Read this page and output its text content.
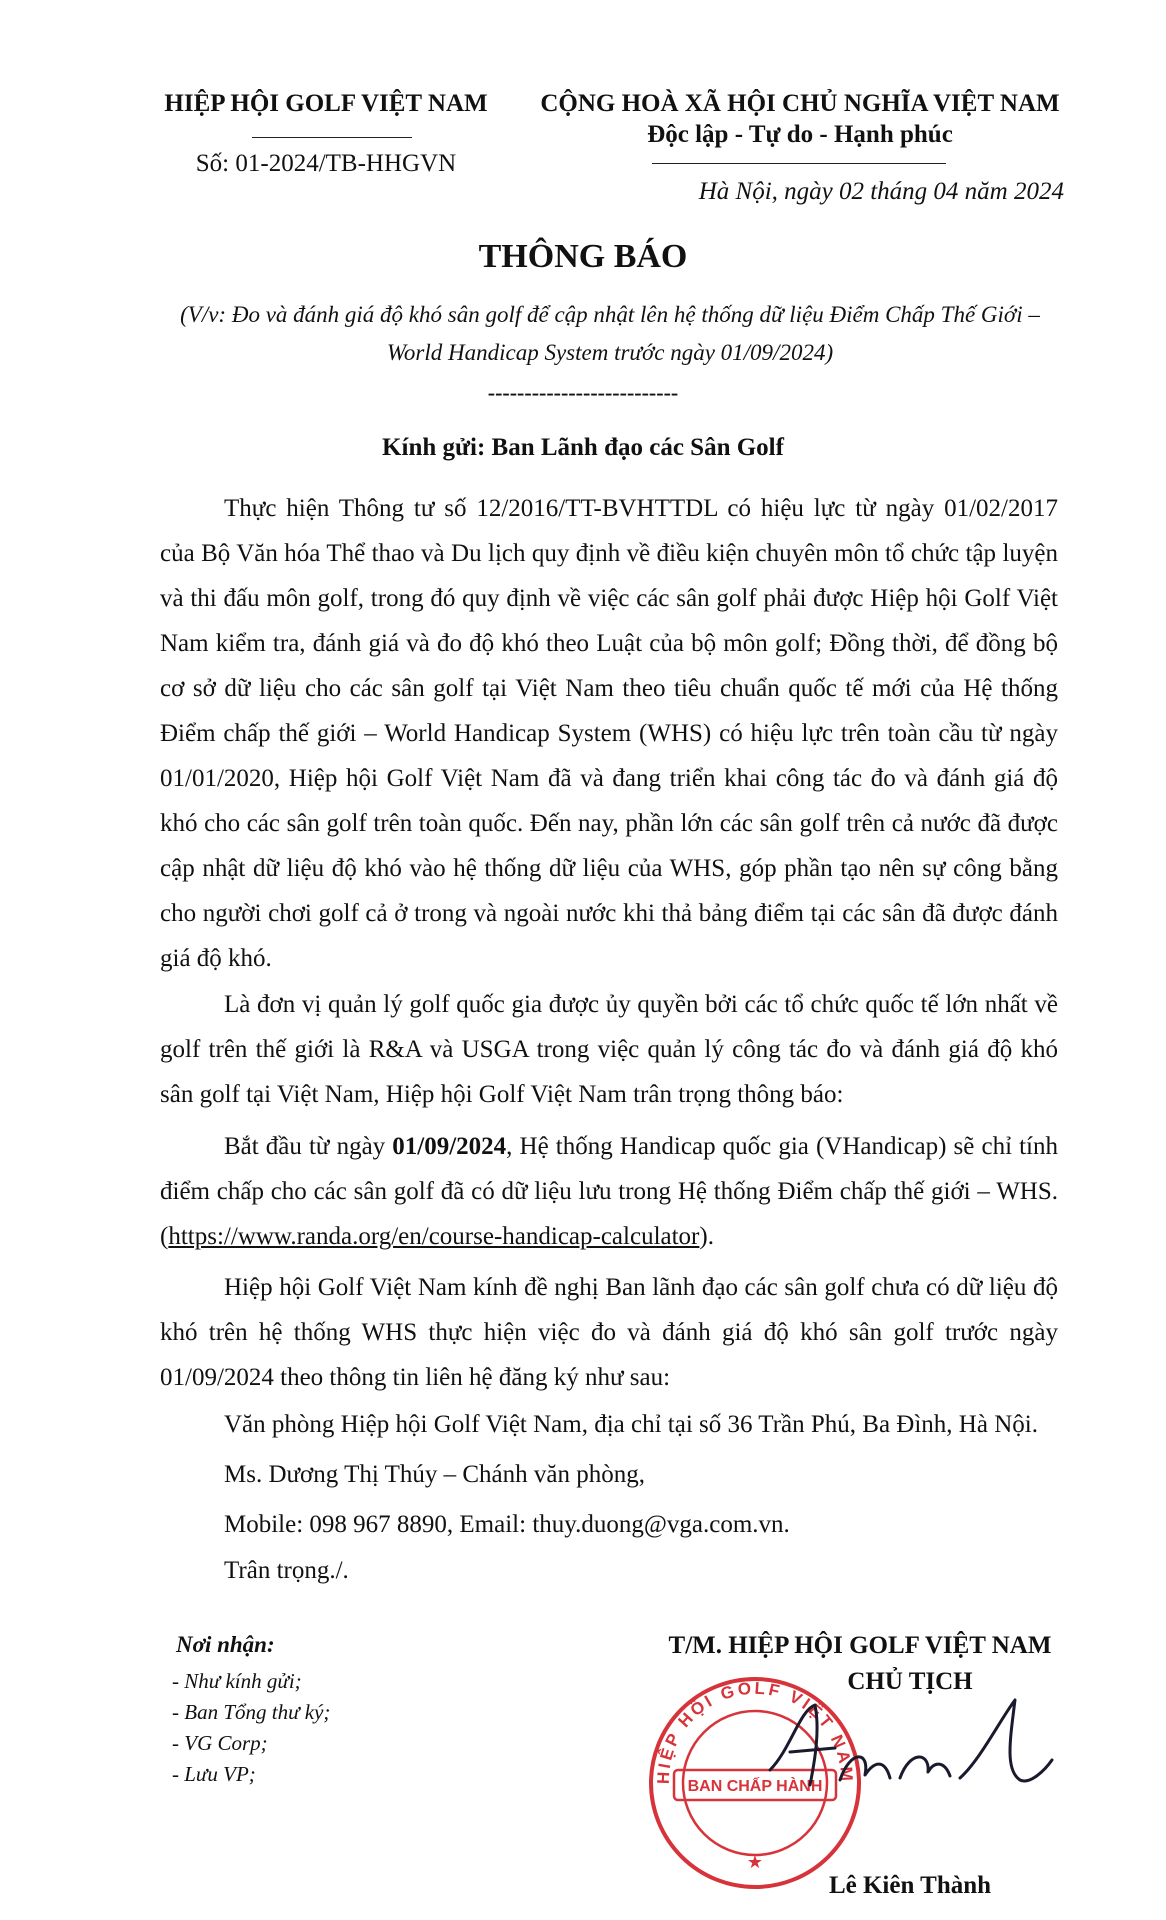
HIỆP HỘI GOLF VIỆT NAM
Số: 01-2024/TB-HHGVN
CỘNG HOÀ XÃ HỘI CHỦ NGHĨA VIỆT NAM
Độc lập - Tự do - Hạnh phúc
Hà Nội, ngày 02 tháng 04 năm 2024
THÔNG BÁO
(V/v: Đo và đánh giá độ khó sân golf để cập nhật lên hệ thống dữ liệu Điểm Chấp Thế Giới –
World Handicap System trước ngày 01/09/2024)
--------------------------
Kính gửi: Ban Lãnh đạo các Sân Golf

Thực hiện Thông tư số 12/2016/TT-BVHTTDL có hiệu lực từ ngày 01/02/2017 của Bộ Văn hóa Thể thao và Du lịch quy định về điều kiện chuyên môn tổ chức tập luyện và thi đấu môn golf, trong đó quy định về việc các sân golf phải được Hiệp hội Golf Việt Nam kiểm tra, đánh giá và đo độ khó theo Luật của bộ môn golf; Đồng thời, để đồng bộ cơ sở dữ liệu cho các sân golf tại Việt Nam theo tiêu chuẩn quốc tế mới của Hệ thống Điểm chấp thế giới – World Handicap System (WHS) có hiệu lực trên toàn cầu từ ngày 01/01/2020, Hiệp hội Golf Việt Nam đã và đang triển khai công tác đo và đánh giá độ khó cho các sân golf trên toàn quốc. Đến nay, phần lớn các sân golf trên cả nước đã được cập nhật dữ liệu độ khó vào hệ thống dữ liệu của WHS, góp phần tạo nên sự công bằng cho người chơi golf cả ở trong và ngoài nước khi thả bảng điểm tại các sân đã được đánh giá độ khó.

Là đơn vị quản lý golf quốc gia được ủy quyền bởi các tổ chức quốc tế lớn nhất về golf trên thế giới là R&A và USGA trong việc quản lý công tác đo và đánh giá độ khó sân golf tại Việt Nam, Hiệp hội Golf Việt Nam trân trọng thông báo:

Bắt đầu từ ngày 01/09/2024, Hệ thống Handicap quốc gia (VHandicap) sẽ chỉ tính điểm chấp cho các sân golf đã có dữ liệu lưu trong Hệ thống Điểm chấp thế giới – WHS. (https://www.randa.org/en/course-handicap-calculator).

Hiệp hội Golf Việt Nam kính đề nghị Ban lãnh đạo các sân golf chưa có dữ liệu độ khó trên hệ thống WHS thực hiện việc đo và đánh giá độ khó sân golf trước ngày 01/09/2024 theo thông tin liên hệ đăng ký như sau:

Văn phòng Hiệp hội Golf Việt Nam, địa chỉ tại số 36 Trần Phú, Ba Đình, Hà Nội.
Ms. Dương Thị Thúy – Chánh văn phòng,
Mobile: 098 967 8890, Email: thuy.duong@vga.com.vn.
Trân trọng./.
Nơi nhận:
- Như kính gửi;
- Ban Tổng thư ký;
- VG Corp;
- Lưu VP;
T/M. HIỆP HỘI GOLF VIỆT NAM
CHỦ TỊCH
HIỆP HỘI GOLF VIỆT NAM
BAN CHẤP HÀNH
★
Lê Kiên Thành
